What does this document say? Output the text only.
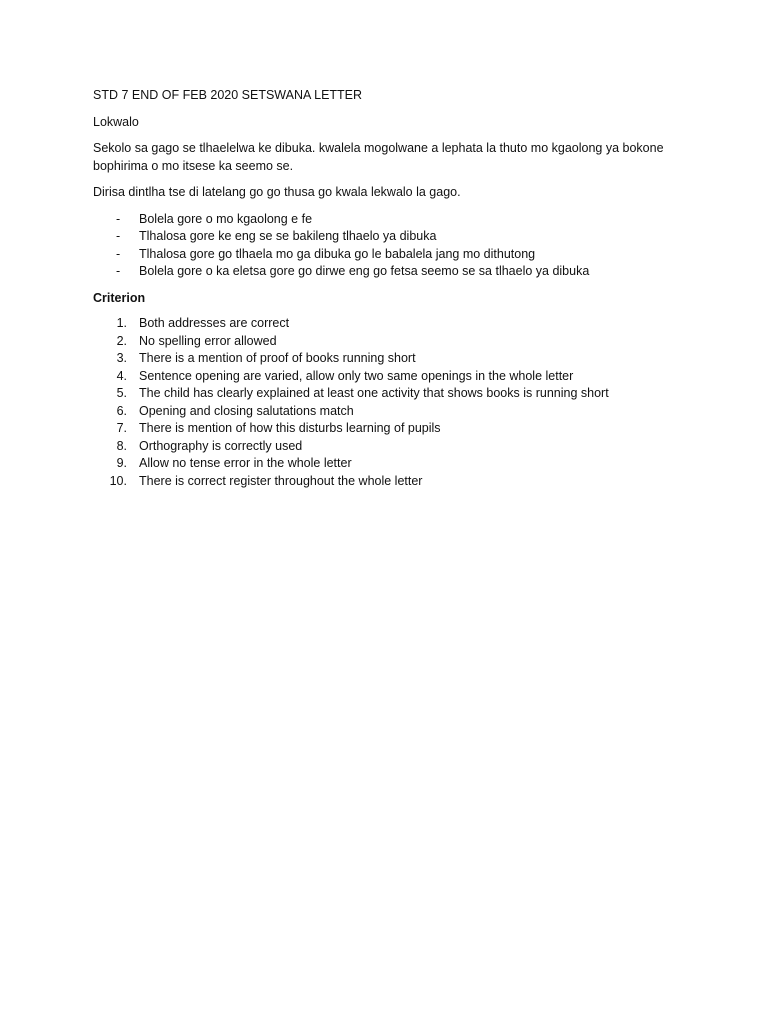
STD 7 END OF FEB 2020 SETSWANA LETTER

Lokwalo

Sekolo sa gago se tlhaelelwa ke dibuka. kwalela mogolwane a lephata la thuto mo kgaolong ya bokone bophirima o mo itsese ka seemo se.

Dirisa dintlha tse di latelang go go thusa go kwala lekwalo la gago.

-	Bolela gore o mo kgaolong e fe
-	Tlhalosa gore ke eng se se bakileng tlhaelo ya dibuka
-	Tlhalosa gore go tlhaela mo ga dibuka go le babalela jang mo dithutong
-	Bolela gore o ka eletsa gore go dirwe eng go fetsa seemo se sa tlhaelo ya dibuka

Criterion

1. Both addresses are correct
2. No spelling error allowed
3. There is a mention of proof of books running short
4. Sentence opening are varied, allow only two same openings in the whole letter
5. The child has clearly explained at least one activity that shows books is running short
6. Opening and closing salutations match
7. There is mention of how this disturbs learning of pupils
8. Orthography is correctly used
9. Allow no tense error in the whole letter
10. There is correct register throughout the whole letter
